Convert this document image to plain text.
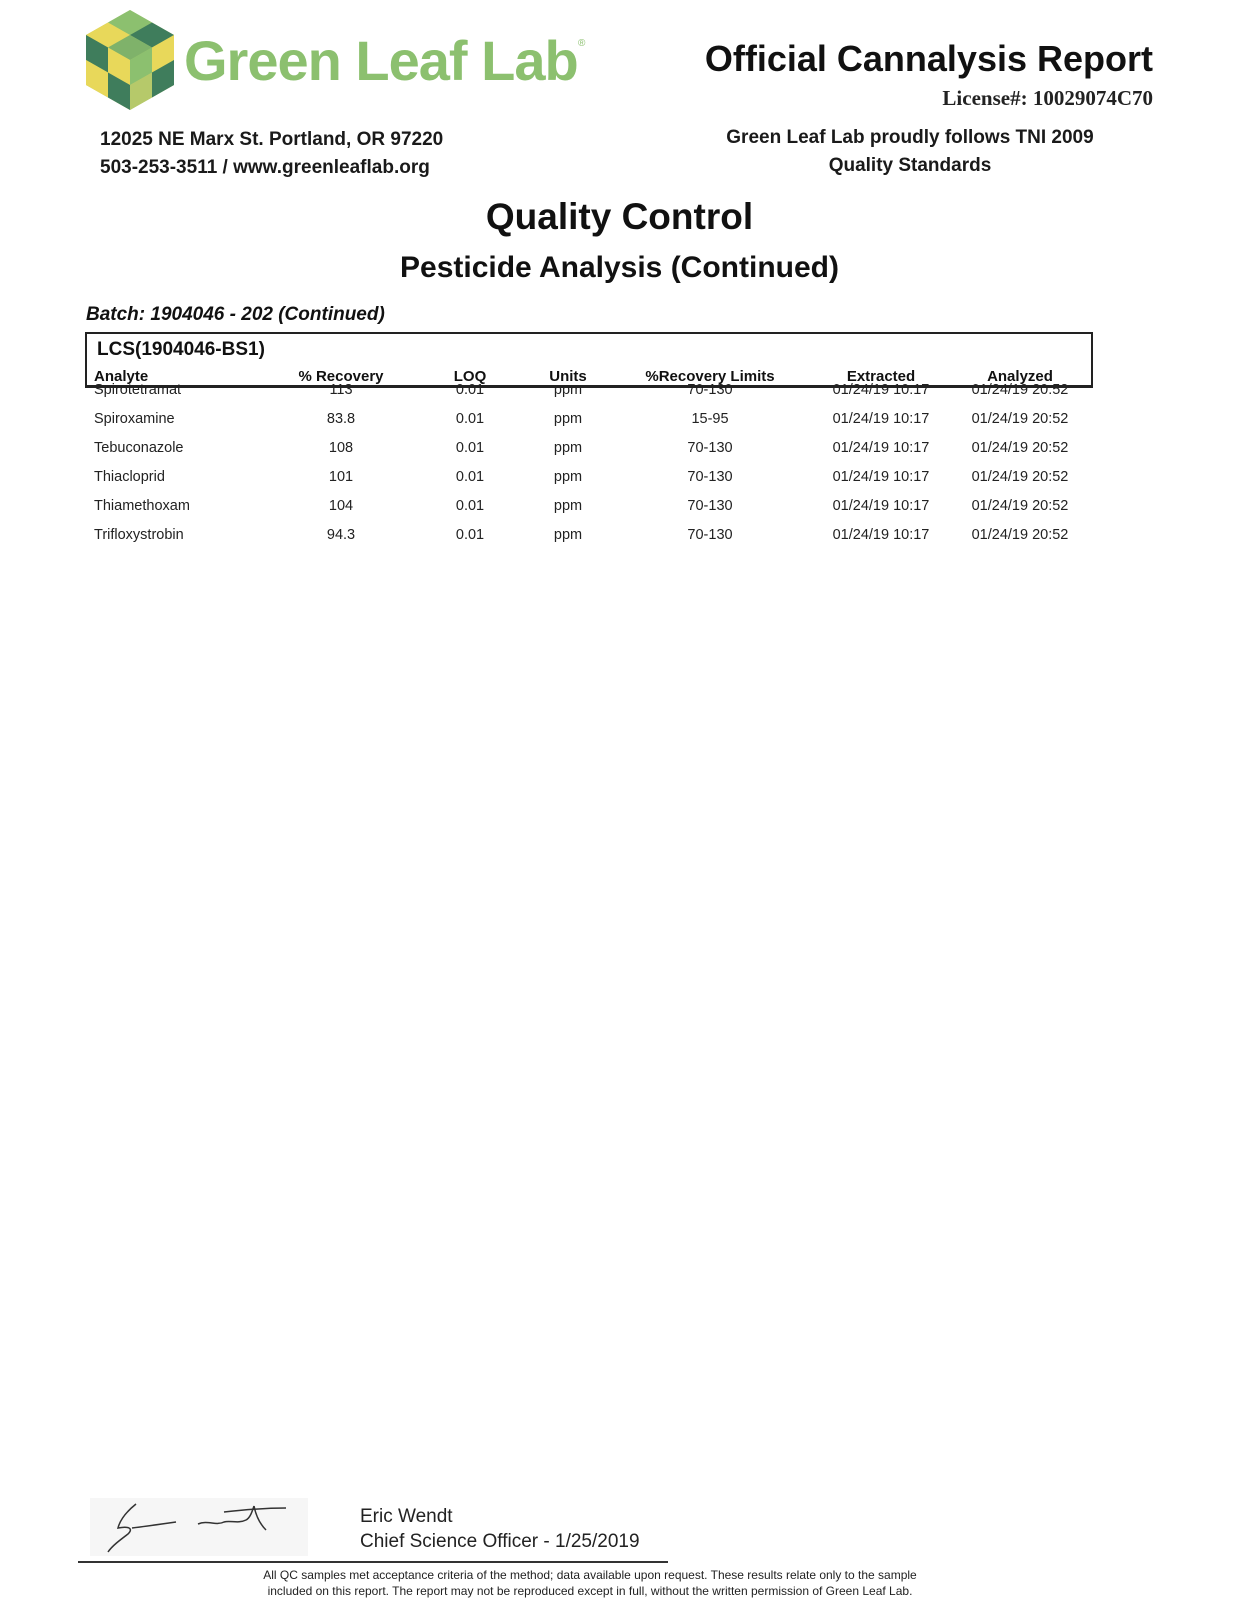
Green Leaf Lab ®	Official Cannalysis Report
License#: 10029074C70
12025 NE Marx St. Portland, OR 97220
503-253-3511 / www.greenleaflab.org
Green Leaf Lab proudly follows TNI 2009
Quality Standards
Quality Control
Pesticide Analysis (Continued)
Batch: 1904046 - 202 (Continued)
LCS(1904046-BS1)
Analyte	% Recovery	LOQ	Units	%Recovery Limits	Extracted	Analyzed
Spirotetramat	113	0.01	ppm	70-130	01/24/19 10:17	01/24/19 20:52
Spiroxamine	83.8	0.01	ppm	15-95	01/24/19 10:17	01/24/19 20:52
Tebuconazole	108	0.01	ppm	70-130	01/24/19 10:17	01/24/19 20:52
Thiacloprid	101	0.01	ppm	70-130	01/24/19 10:17	01/24/19 20:52
Thiamethoxam	104	0.01	ppm	70-130	01/24/19 10:17	01/24/19 20:52
Trifloxystrobin	94.3	0.01	ppm	70-130	01/24/19 10:17	01/24/19 20:52
Eric Wendt
Chief Science Officer - 1/25/2019
All QC samples met acceptance criteria of the method; data available upon request. These results relate only to the sample
included on this report. The report may not be reproduced except in full, without the written permission of Green Leaf Lab.
